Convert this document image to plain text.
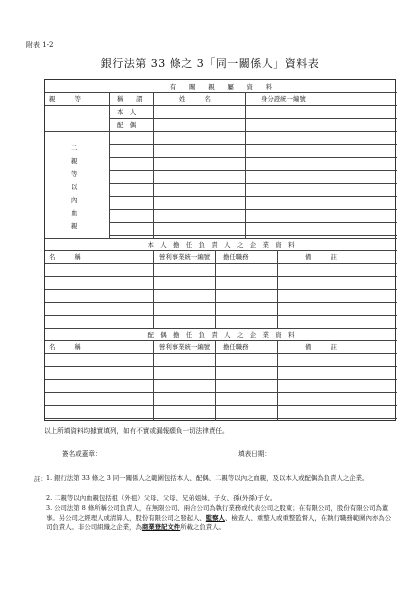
附表 1-2
銀行法第 33 條之 3「同一關係人」資料表
有　　關　　親　　屬　　資　　料
親　　　等	稱　　謂	姓　　　名	身分證統一編號
本　人
配　偶
二親等以內血親
本　人　擔　任　負　責　人　之　企　業　資　料
名　　　稱	營利事業統一編號 擔任職務	備　　　註
配　偶　擔　任　負　責　人　之　企　業　資　料
名　　　稱	營利事業統一編號 擔任職務	備　　　註
以上所填資料均據實填列，如有不實或漏報願負一切法律責任。
簽名或蓋章：	填表日期：
註： 1. 銀行法第 33 條之 3 同一關係人之範圍包括本人、配偶、二親等以內之血親，及以本人或配偶為負責人之企業。
2. 二親等以內血親包括祖（外祖）父母、父母、兄弟姐妹、子女、孫(外孫)子女。
3. 公司法第 8 條所稱公司負責人，在無限公司、兩合公司為執行業務或代表公司之股東；在有限公司，股份有限公司為董事。另公司之經理人或清算人，股份有限公司之發起人、監察人、檢查人、重整人或重整監督人，在執行職務範圍內亦為公司負責人。非公司組織之企業，為商業登記文件所載之負責人。
